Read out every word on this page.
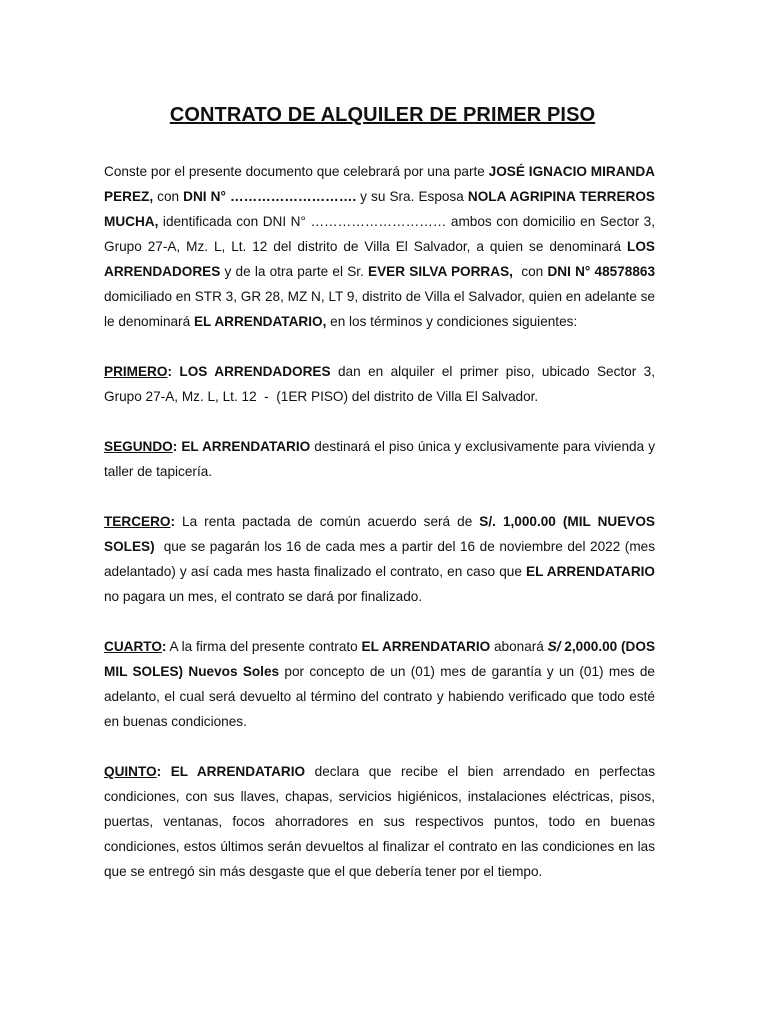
CONTRATO DE ALQUILER DE PRIMER PISO

Conste por el presente documento que celebrará por una parte JOSÉ IGNACIO MIRANDA PEREZ, con DNI N° ………………………. y su Sra. Esposa NOLA AGRIPINA TERREROS MUCHA, identificada con DNI N° ………………………… ambos con domicilio en Sector 3, Grupo 27-A, Mz. L, Lt. 12 del distrito de Villa El Salvador, a quien se denominará LOS ARRENDADORES y de la otra parte el Sr. EVER SILVA PORRAS,  con DNI N° 48578863 domiciliado en STR 3, GR 28, MZ N, LT 9, distrito de Villa el Salvador, quien en adelante se le denominará EL ARRENDATARIO, en los términos y condiciones siguientes:

PRIMERO: LOS ARRENDADORES dan en alquiler el primer piso, ubicado Sector 3, Grupo 27-A, Mz. L, Lt. 12  -  (1ER PISO) del distrito de Villa El Salvador.

SEGUNDO: EL ARRENDATARIO destinará el piso única y exclusivamente para vivienda y taller de tapicería.

TERCERO: La renta pactada de común acuerdo será de S/. 1,000.00 (MIL NUEVOS SOLES)  que se pagarán los 16 de cada mes a partir del 16 de noviembre del 2022 (mes adelantado) y así cada mes hasta finalizado el contrato, en caso que EL ARRENDATARIO no pagara un mes, el contrato se dará por finalizado.

CUARTO: A la firma del presente contrato EL ARRENDATARIO abonará S/ 2,000.00 (DOS MIL SOLES) Nuevos Soles por concepto de un (01) mes de garantía y un (01) mes de adelanto, el cual será devuelto al término del contrato y habiendo verificado que todo esté en buenas condiciones.

QUINTO: EL ARRENDATARIO declara que recibe el bien arrendado en perfectas condiciones, con sus llaves, chapas, servicios higiénicos, instalaciones eléctricas, pisos, puertas, ventanas, focos ahorradores en sus respectivos puntos, todo en buenas condiciones, estos últimos serán devueltos al finalizar el contrato en las condiciones en las que se entregó sin más desgaste que el que debería tener por el tiempo.
